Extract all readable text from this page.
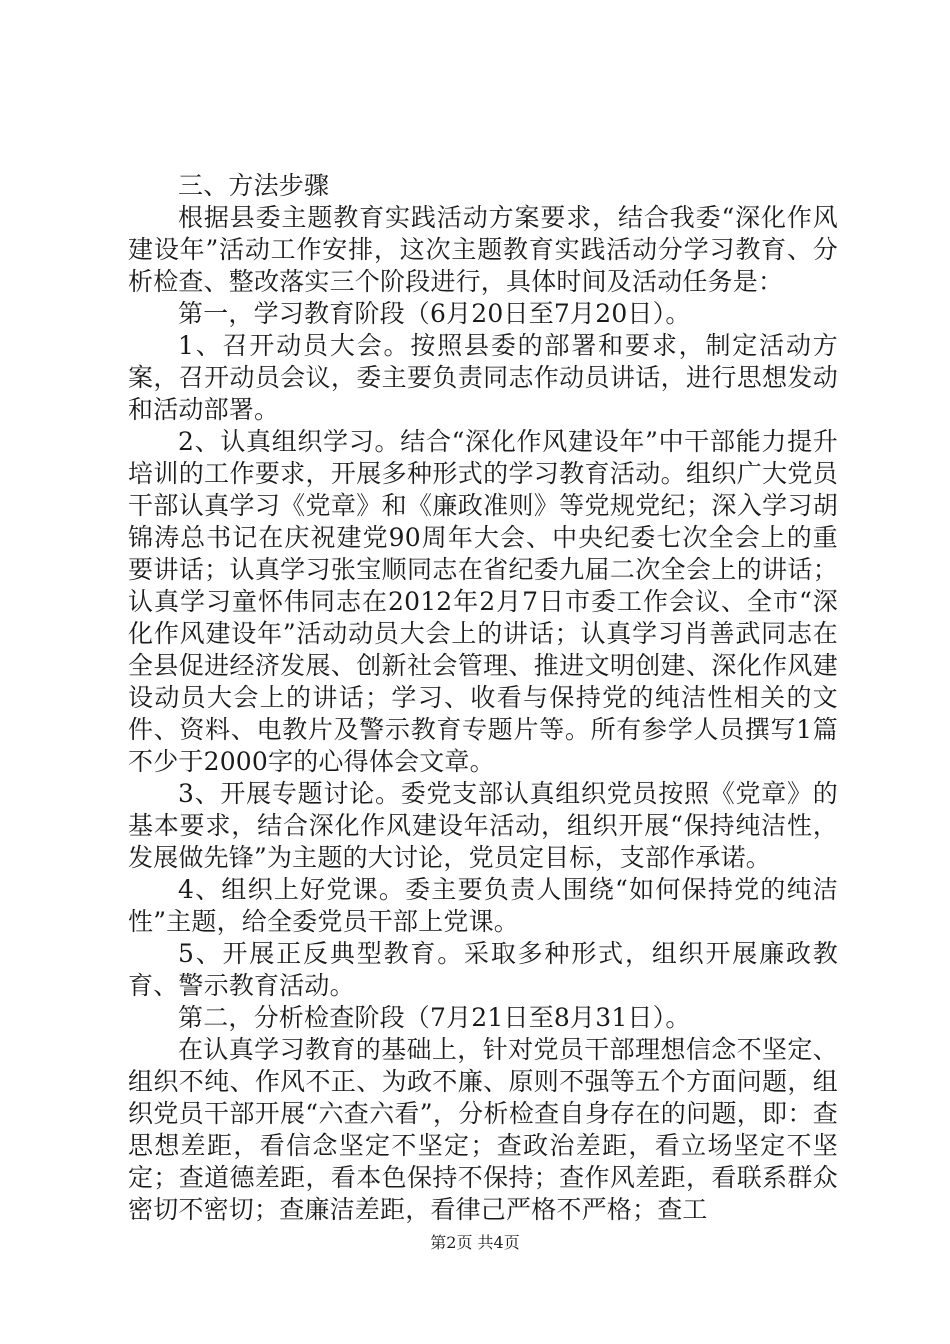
三、方法步骤

根据县委主题教育实践活动方案要求，结合我委“深化作风建设年”活动工作安排，这次主题教育实践活动分学习教育、分析检查、整改落实三个阶段进行，具体时间及活动任务是：

第一，学习教育阶段（6月20日至7月20日）。

1、召开动员大会。按照县委的部署和要求，制定活动方案，召开动员会议，委主要负责同志作动员讲话，进行思想发动和活动部署。

2、认真组织学习。结合“深化作风建设年”中干部能力提升培训的工作要求，开展多种形式的学习教育活动。组织广大党员干部认真学习《党章》和《廉政准则》等党规党纪；深入学习胡锦涛总书记在庆祝建党90周年大会、中央纪委七次全会上的重要讲话；认真学习张宝顺同志在省纪委九届二次全会上的讲话；认真学习童怀伟同志在2012年2月7日市委工作会议、全市“深化作风建设年”活动动员大会上的讲话；认真学习肖善武同志在全县促进经济发展、创新社会管理、推进文明创建、深化作风建设动员大会上的讲话；学习、收看与保持党的纯洁性相关的文件、资料、电教片及警示教育专题片等。所有参学人员撰写1篇不少于2000字的心得体会文章。

3、开展专题讨论。委党支部认真组织党员按照《党章》的基本要求，结合深化作风建设年活动，组织开展“保持纯洁性，发展做先锋”为主题的大讨论，党员定目标，支部作承诺。

4、组织上好党课。委主要负责人围绕“如何保持党的纯洁性”主题，给全委党员干部上党课。

5、开展正反典型教育。采取多种形式，组织开展廉政教育、警示教育活动。

第二，分析检查阶段（7月21日至8月31日）。

在认真学习教育的基础上，针对党员干部理想信念不坚定、组织不纯、作风不正、为政不廉、原则不强等五个方面问题，组织党员干部开展“六查六看”，分析检查自身存在的问题，即：查思想差距，看信念坚定不坚定；查政治差距，看立场坚定不坚定；查道德差距，看本色保持不保持；查作风差距，看联系群众密切不密切；查廉洁差距，看律己严格不严格；查工

第2页 共4页
